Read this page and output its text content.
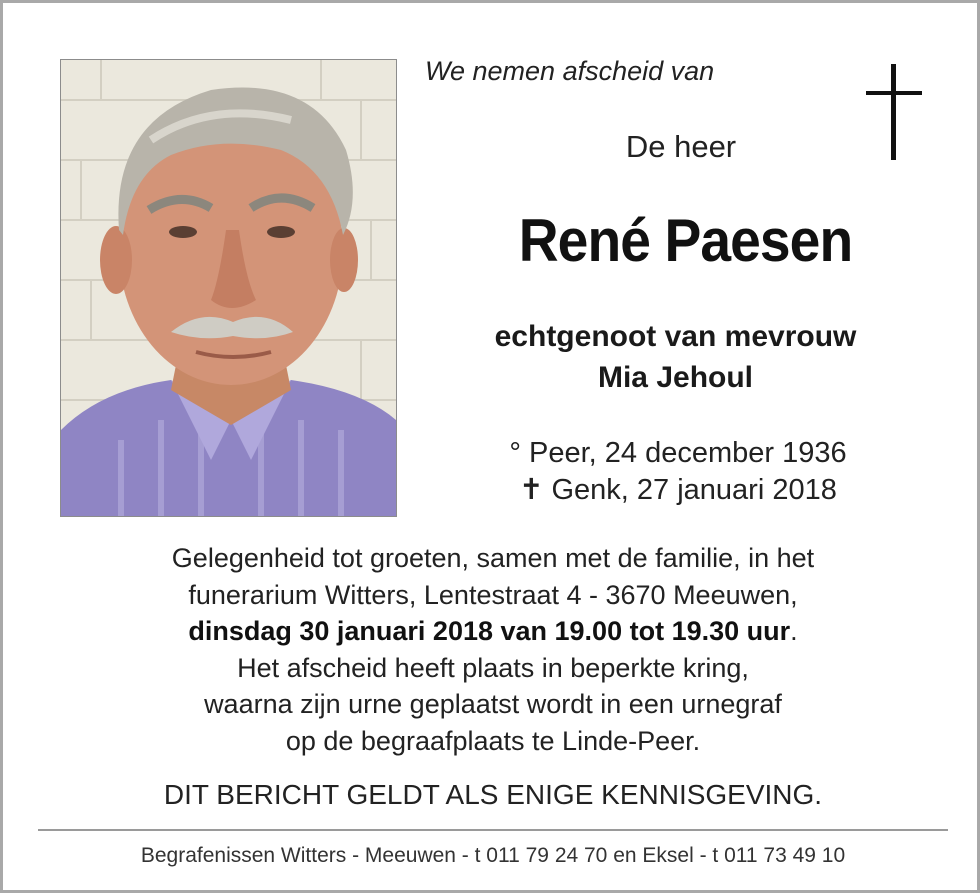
We nemen afscheid van
De heer
René Paesen
echtgenoot van mevrouw
Mia Jehoul
° Peer, 24 december 1936
✝ Genk, 27 januari 2018
Gelegenheid tot groeten, samen met de familie, in het
funerarium Witters, Lentestraat 4 - 3670 Meeuwen,
dinsdag 30 januari 2018 van 19.00 tot 19.30 uur.
Het afscheid heeft plaats in beperkte kring,
waarna zijn urne geplaatst wordt in een urnegraf
op de begraafplaats te Linde-Peer.
DIT BERICHT GELDT ALS ENIGE KENNISGEVING.
Begrafenissen Witters - Meeuwen - t 011 79 24 70 en Eksel - t 011 73 49 10
